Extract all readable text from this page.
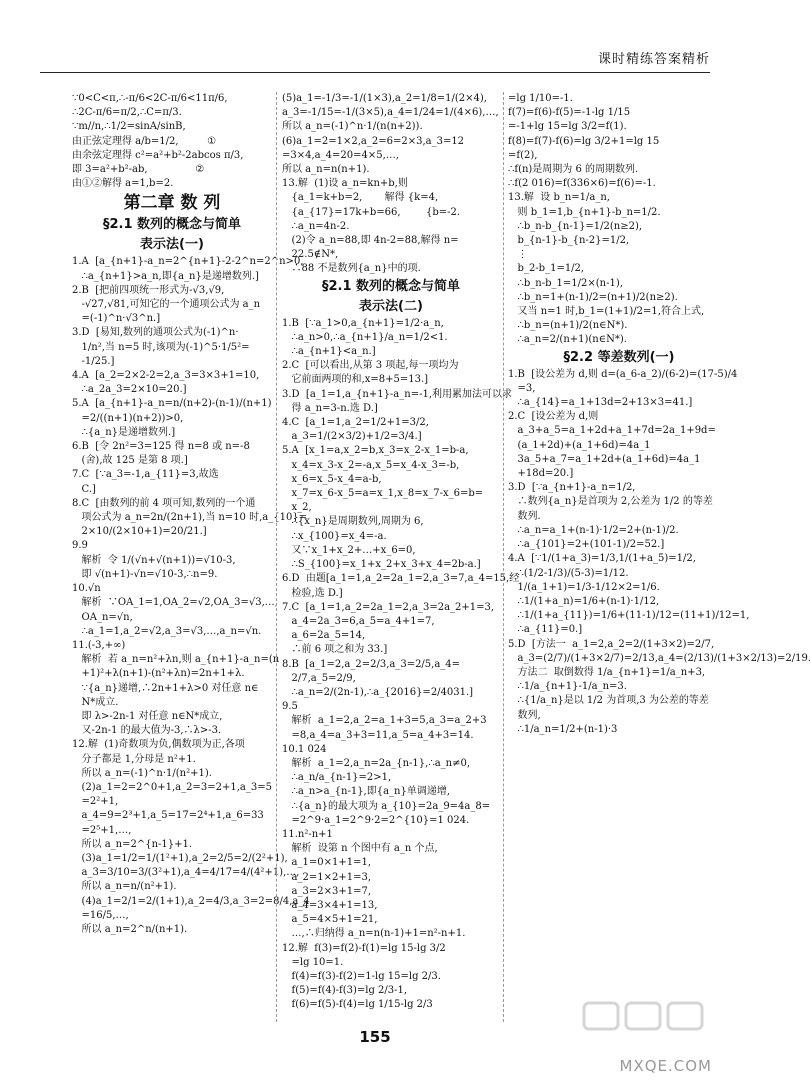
课时精练答案精析
∵0<C<π,∴-π/6<2C-π/6<11π/6,
∴2C-π/6=π/2,∴C=π/3.
∵m//n,∴1/2=sinA/sinB,
由正弦定理得 a/b=1/2,         ①
由余弦定理得 c²=a²+b²-2abcos π/3,
即 3=a²+b²-ab,               ②
由①②解得 a=1,b=2.
第二章 数 列
§2.1 数列的概念与简单
表示法(一)
1.A  [a_{n+1}-a_n=2^{n+1}-2-2^n=2^n>0,
∴a_{n+1}>a_n,即{a_n}是递增数列.]
2.B  [把前四项统一形式为-√3,√9,
-√27,√81,可知它的一个通项公式为 a_n
=(-1)^n·√3^n.]
3.D  [易知,数列的通项公式为(-1)^n·
1/n²,当 n=5 时,该项为(-1)^5·1/5²=
-1/25.]
4.A  [a_2=2×2-2=2,a_3=3×3+1=10,
∴a_2a_3=2×10=20.]
5.A  [a_{n+1}-a_n=n/(n+2)-(n-1)/(n+1)
=2/((n+1)(n+2))>0,
∴{a_n}是递增数列.]
6.B  [令 2n²=3=125 得 n=8 或 n=-8
(舍),故 125 是第 8 项.]
7.C  [∵a_3=-1,a_{11}=3,故选
C.]
8.C  [由数列的前 4 项可知,数列的一个通
项公式为 a_n=2n/(2n+1),当 n=10 时,a_{10}=
2×10/(2×10+1)=20/21.]
9.9
解析  令 1/(√n+√(n+1))=√10-3,
即 √(n+1)-√n=√10-3,∴n=9.
10.√n
解析  ∵OA_1=1,OA_2=√2,OA_3=√3,…,
OA_n=√n,
∴a_1=1,a_2=√2,a_3=√3,…,a_n=√n.
11.(-3,+∞)
解析  若 a_n=n²+λn,则 a_{n+1}-a_n=(n
+1)²+λ(n+1)-(n²+λn)=2n+1+λ.
∵{a_n}递增,∴2n+1+λ>0 对任意 n∈
N*成立.
即 λ>-2n-1 对任意 n∈N*成立,
又-2n-1 的最大值为-3,∴λ>-3.
12.解  (1)奇数项为负,偶数项为正,各项
分子都是 1,分母是 n²+1.
所以 a_n=(-1)^n·1/(n²+1).
(2)a_1=2=2^0+1,a_2=3=2+1,a_3=5
=2²+1,
a_4=9=2³+1,a_5=17=2⁴+1,a_6=33
=2⁵+1,…,
所以 a_n=2^{n-1}+1.
(3)a_1=1/2=1/(1²+1),a_2=2/5=2/(2²+1),
a_3=3/10=3/(3²+1),a_4=4/17=4/(4²+1),…,
所以 a_n=n/(n²+1).
(4)a_1=2/1=2/(1+1),a_2=4/3,a_3=2=8/4,a_4
=16/5,…,
所以 a_n=2^n/(n+1).
(5)a_1=-1/3=-1/(1×3),a_2=1/8=1/(2×4),
a_3=-1/15=-1/(3×5),a_4=1/24=1/(4×6),…,
所以 a_n=(-1)^n·1/(n(n+2)).
(6)a_1=2=1×2,a_2=6=2×3,a_3=12
=3×4,a_4=20=4×5,…,
所以 a_n=n(n+1).
13.解  (1)设 a_n=kn+b,则
{a_1=k+b=2,       解得 {k=4,
{a_{17}=17k+b=66,        {b=-2.
∴a_n=4n-2.
(2)令 a_n=88,即 4n-2=88,解得 n=
22.5∉N*,
∴88 不是数列{a_n}中的项.
§2.1 数列的概念与简单
表示法(二)
1.B  [∵a_1>0,a_{n+1}=1/2·a_n,
∴a_n>0,∴a_{n+1}/a_n=1/2<1.
∴a_{n+1}<a_n.]
2.C  [可以看出,从第 3 项起,每一项均为
它前面两项的和,x=8+5=13.]
3.D  [a_1=1,a_{n+1}-a_n=-1,利用累加法可以求
得 a_n=3-n.选 D.]
4.C  [a_1=1,a_2=1/2+1=3/2,
a_3=1/(2×3/2)+1/2=3/4.]
5.A  [x_1=a,x_2=b,x_3=x_2-x_1=b-a,
x_4=x_3-x_2=-a,x_5=x_4-x_3=-b,
x_6=x_5-x_4=a-b,
x_7=x_6-x_5=a=x_1,x_8=x_7-x_6=b=
x_2,
∴{x_n}是周期数列,周期为 6,
∴x_{100}=x_4=-a.
又∵x_1+x_2+…+x_6=0,
∴S_{100}=x_1+x_2+x_3+x_4=2b-a.]
6.D  由题[a_1=1,a_2=2a_1=2,a_3=7,a_4=15,经
检验,选 D.]
7.C  [a_1=1,a_2=2a_1=2,a_3=2a_2+1=3,
a_4=2a_3=6,a_5=a_4+1=7,
a_6=2a_5=14,
∴前 6 项之和为 33.]
8.B  [a_1=2,a_2=2/3,a_3=2/5,a_4=
2/7,a_5=2/9,
∴a_n=2/(2n-1),∴a_{2016}=2/4031.]
9.5
解析  a_1=2,a_2=a_1+3=5,a_3=a_2+3
=8,a_4=a_3+3=11,a_5=a_4+3=14.
10.1 024
解析  a_1=2,a_n=2a_{n-1},∴a_n≠0,
∴a_n/a_{n-1}=2>1,
∴a_n>a_{n-1},即{a_n}单调递增,
∴{a_n}的最大项为 a_{10}=2a_9=4a_8=
=2^9·a_1=2^9·2=2^{10}=1 024.
11.n²-n+1
解析  设第 n 个图中有 a_n 个点,
a_1=0×1+1=1,
a_2=1×2+1=3,
a_3=2×3+1=7,
a_4=3×4+1=13,
a_5=4×5+1=21,
…,∴归纳得 a_n=n(n-1)+1=n²-n+1.
12.解  f(3)=f(2)-f(1)=lg 15-lg 3/2
=lg 10=1.
f(4)=f(3)-f(2)=1-lg 15=lg 2/3.
f(5)=f(4)-f(3)=lg 2/3-1,
f(6)=f(5)-f(4)=lg 1/15-lg 2/3
=lg 1/10=-1.
f(7)=f(6)-f(5)=-1-lg 1/15
=-1+lg 15=lg 3/2=f(1).
f(8)=f(7)-f(6)=lg 3/2+1=lg 15
=f(2),
∴f(n)是周期为 6 的周期数列.
∴f(2 016)=f(336×6)=f(6)=-1.
13.解  设 b_n=1/a_n,
则 b_1=1,b_{n+1}-b_n=1/2.
∴b_n-b_{n-1}=1/2(n≥2),
b_{n-1}-b_{n-2}=1/2,
⋮
b_2-b_1=1/2,
∴b_n-b_1=1/2×(n-1),
∴b_n=1+(n-1)/2=(n+1)/2(n≥2).
又当 n=1 时,b_1=(1+1)/2=1,符合上式,
∴b_n=(n+1)/2(n∈N*).
∴a_n=2/(n+1)(n∈N*).
§2.2 等差数列(一)
1.B  [设公差为 d,则 d=(a_6-a_2)/(6-2)=(17-5)/4
=3,
∴a_{14}=a_1+13d=2+13×3=41.]
2.C  [设公差为 d,则
a_3+a_5=a_1+2d+a_1+7d=2a_1+9d=
(a_1+2d)+(a_1+6d)=4a_1
3a_5+a_7=a_1+2d+(a_1+6d)=4a_1
+18d=20.]
3.D  [∵a_{n+1}-a_n=1/2,
∴数列{a_n}是首项为 2,公差为 1/2 的等差
数列.
∴a_n=a_1+(n-1)·1/2=2+(n-1)/2.
∴a_{101}=2+(101-1)/2=52.]
4.A  [∵1/(1+a_3)=1/3,1/(1+a_5)=1/2,
∴(1/2-1/3)/(5-3)=1/12.
1/(a_1+1)=1/3-1/12×2=1/6.
∴1/(1+a_n)=1/6+(n-1)·1/12,
∴1/(1+a_{11})=1/6+(11-1)/12=(11+1)/12=1,
∴a_{11}=0.]
5.D  [方法一  a_1=2,a_2=2/(1+3×2)=2/7,
a_3=(2/7)/(1+3×2/7)=2/13,a_4=(2/13)/(1+3×2/13)=2/19.
方法二  取倒数得 1/a_{n+1}=1/a_n+3,
∴1/a_{n+1}-1/a_n=3.
∴{1/a_n}是以 1/2 为首项,3 为公差的等差
数列,
∴1/a_n=1/2+(n-1)·3
155
MXQE.COM
